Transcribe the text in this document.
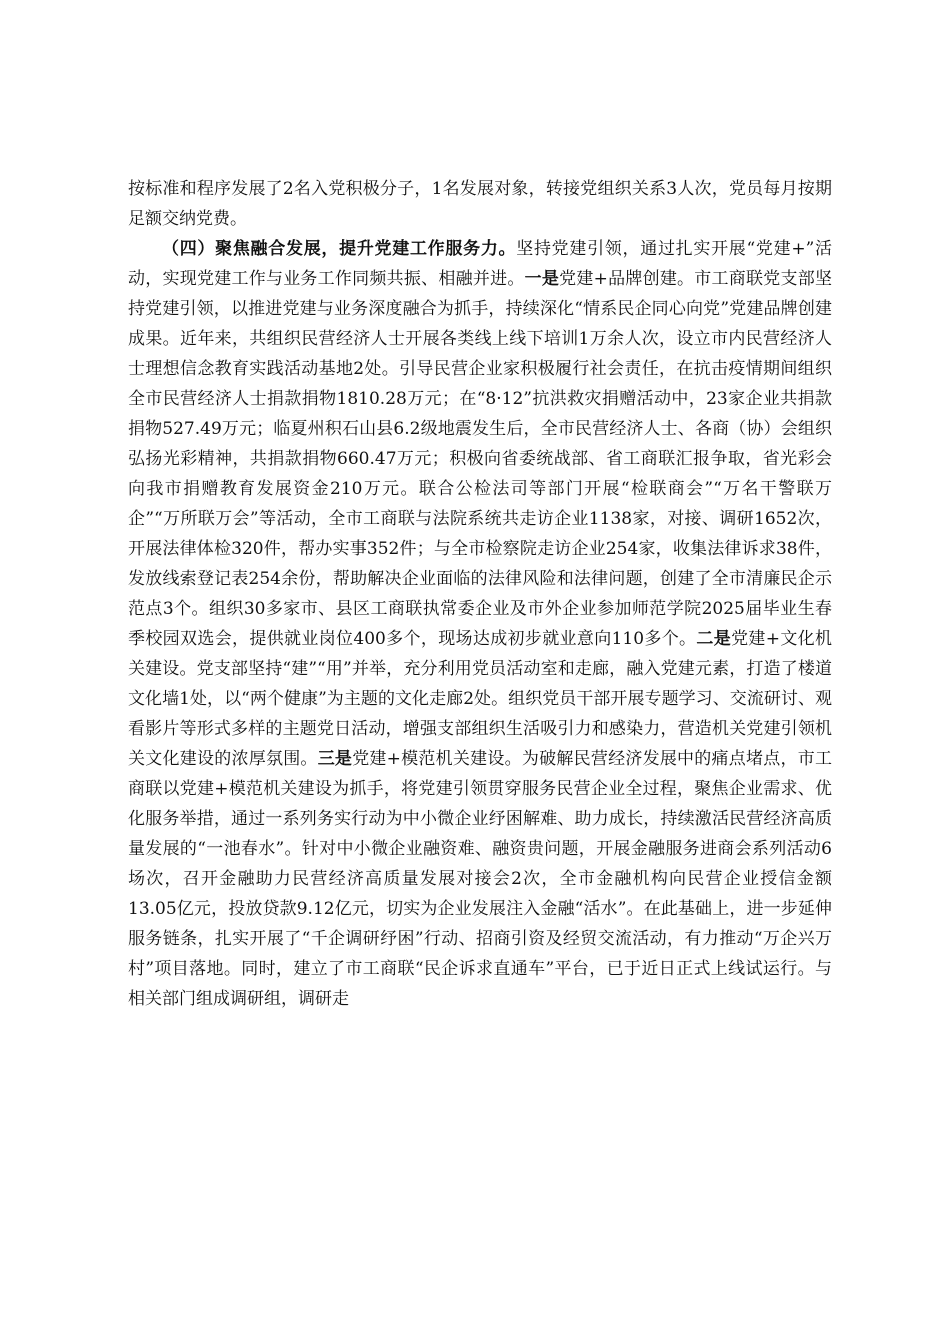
按标准和程序发展了2名入党积极分子，1名发展对象，转接党组织关系3人次，党员每月按期足额交纳党费。

（四）聚焦融合发展，提升党建工作服务力。坚持党建引领，通过扎实开展“党建+”活动，实现党建工作与业务工作同频共振、相融并进。一是党建+品牌创建。市工商联党支部坚持党建引领，以推进党建与业务深度融合为抓手，持续深化“情系民企同心向党”党建品牌创建成果。近年来，共组织民营经济人士开展各类线上线下培训1万余人次，设立市内民营经济人士理想信念教育实践活动基地2处。引导民营企业家积极履行社会责任，在抗击疫情期间组织全市民营经济人士捐款捐物1810.28万元；在“8·12”抗洪救灾捐赠活动中，23家企业共捐款捐物527.49万元；临夏州积石山县6.2级地震发生后，全市民营经济人士、各商（协）会组织弘扬光彩精神，共捐款捐物660.47万元；积极向省委统战部、省工商联汇报争取，省光彩会向我市捐赠教育发展资金210万元。联合公检法司等部门开展“检联商会”“万名干警联万企”“万所联万会”等活动，全市工商联与法院系统共走访企业1138家，对接、调研1652次，开展法律体检320件，帮办实事352件；与全市检察院走访企业254家，收集法律诉求38件，发放线索登记表254余份，帮助解决企业面临的法律风险和法律问题，创建了全市清廉民企示范点3个。组织30多家市、县区工商联执常委企业及市外企业参加师范学院2025届毕业生春季校园双选会，提供就业岗位400多个，现场达成初步就业意向110多个。二是党建+文化机关建设。党支部坚持“建”“用”并举，充分利用党员活动室和走廊，融入党建元素，打造了楼道文化墙1处，以“两个健康”为主题的文化走廊2处。组织党员干部开展专题学习、交流研讨、观看影片等形式多样的主题党日活动，增强支部组织生活吸引力和感染力，营造机关党建引领机关文化建设的浓厚氛围。三是党建+模范机关建设。为破解民营经济发展中的痛点堵点，市工商联以党建+模范机关建设为抓手，将党建引领贯穿服务民营企业全过程，聚焦企业需求、优化服务举措，通过一系列务实行动为中小微企业纾困解难、助力成长，持续激活民营经济高质量发展的“一池春水”。针对中小微企业融资难、融资贵问题，开展金融服务进商会系列活动6场次，召开金融助力民营经济高质量发展对接会2次，全市金融机构向民营企业授信金额13.05亿元，投放贷款9.12亿元，切实为企业发展注入金融“活水”。在此基础上，进一步延伸服务链条，扎实开展了“千企调研纾困”行动、招商引资及经贸交流活动，有力推动“万企兴万村”项目落地。同时，建立了市工商联“民企诉求直通车”平台，已于近日正式上线试运行。与相关部门组成调研组，调研走
